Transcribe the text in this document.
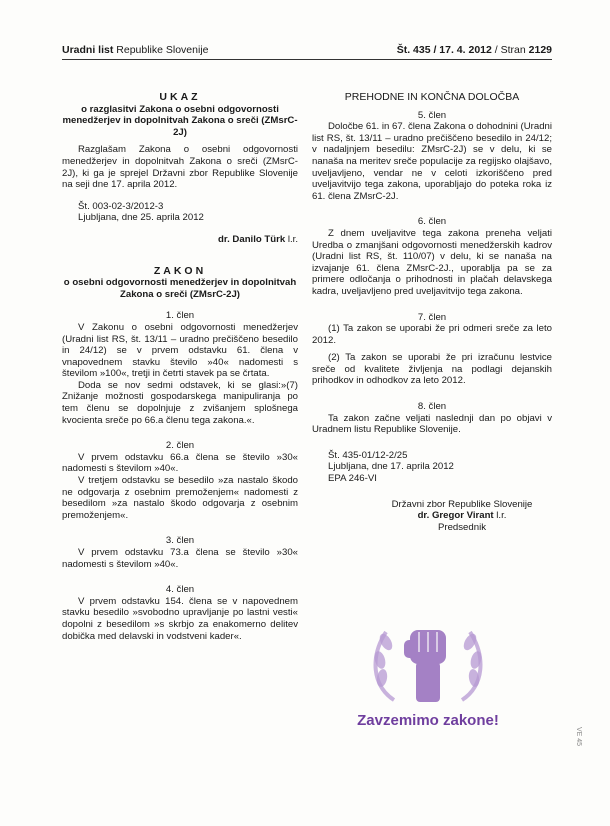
Uradni list Republike Slovenije	Št. 435 / 17. 4. 2012 / Stran 2129

UKAZ

o razglasitvi Zakona o osebni odgovornosti menedžerjev in dopolnitvah Zakona o sreči (ZMsrC-2J)

Razglašam Zakona o osebni odgovornosti menedžerjev in dopolnitvah Zakona o sreči (ZMsrC-2J), ki ga je sprejel Državni zbor Republike Slovenije na seji dne 17. aprila 2012.

Št. 003-02-3/2012-3

Ljubljana, dne 25. aprila 2012

dr. Danilo Türk l.r.

ZAKON

o osebni odgovornosti menedžerjev in dopolnitvah Zakona o sreči (ZMsrC-2J)

1. člen

V Zakonu o osebni odgovornosti menedžerjev (Uradni list RS, št. 13/11 – uradno prečiščeno besedilo in 24/12) se v prvem odstavku 61. člena v vnapovednem stavku število »40« nadomesti s številom »100«, tretji in četrti stavek pa se črtata.

Doda se nov sedmi odstavek, ki se glasi:»(7) Znižanje možnosti gospodarskega manipuliranja po tem členu se dopolnjuje z zvišanjem splošnega kvocienta sreče po 66.a členu tega zakona.«.

2. člen

V prvem odstavku 66.a člena se število »30« nadomesti s številom »40«.

V tretjem odstavku se besedilo »za nastalo škodo ne odgovarja z osebnim premoženjem« nadomesti z besedilom »za nastalo škodo odgovarja z osebnim premoženjem«.

3. člen

V prvem odstavku 73.a člena se število »30« nadomesti s številom »40«.

4. člen

V prvem odstavku 154. člena se v napovednem stavku besedilo »svobodno upravljanje po lastni vesti« dopolni z besedilom »s skrbjo za enakomerno delitev dobička med delavski in vodstveni kader«.

PREHODNE IN KONČNA DOLOČBA

5. člen

Določbe 61. in 67. člena Zakona o dohodnini (Uradni list RS, št. 13/11 – uradno prečiščeno besedilo in 24/12; v nadaljnjem besedilu: ZMsrC-2J) se v delu, ki se nanaša na meritev sreče populacije za regijsko olajšavo, uveljavljeno, vendar ne v celoti izkoriščeno pred uveljavitvijo tega zakona, uporabljajo do poteka roka iz 61. člena ZMsrC-2J.

6. člen

Z dnem uveljavitve tega zakona preneha veljati Uredba o zmanjšani odgovornosti menedžerskih kadrov (Uradni list RS, št. 110/07) v delu, ki se nanaša na izvajanje 61. člena ZMsrC-2J., uporablja pa se za primere odločanja o prihodnosti in plačah delavskega kadra, uveljavljeno pred uveljavitvijo tega zakona.

7. člen

(1) Ta zakon se uporabi že pri odmeri sreče za leto 2012.

(2) Ta zakon se uporabi že pri izračunu lestvice sreče od kvalitete življenja na podlagi dejanskih prihodkov in odhodkov za leto 2012.

8. člen

Ta zakon začne veljati naslednji dan po objavi v Uradnem listu Republike Slovenije.

Št. 435-01/12-2/25

Ljubljana, dne 17. aprila 2012

EPA 246-VI

Državni zbor Republike Slovenije

dr. Gregor Virant l.r.

Predsednik

Zavzemimo zakone!
VE 45
